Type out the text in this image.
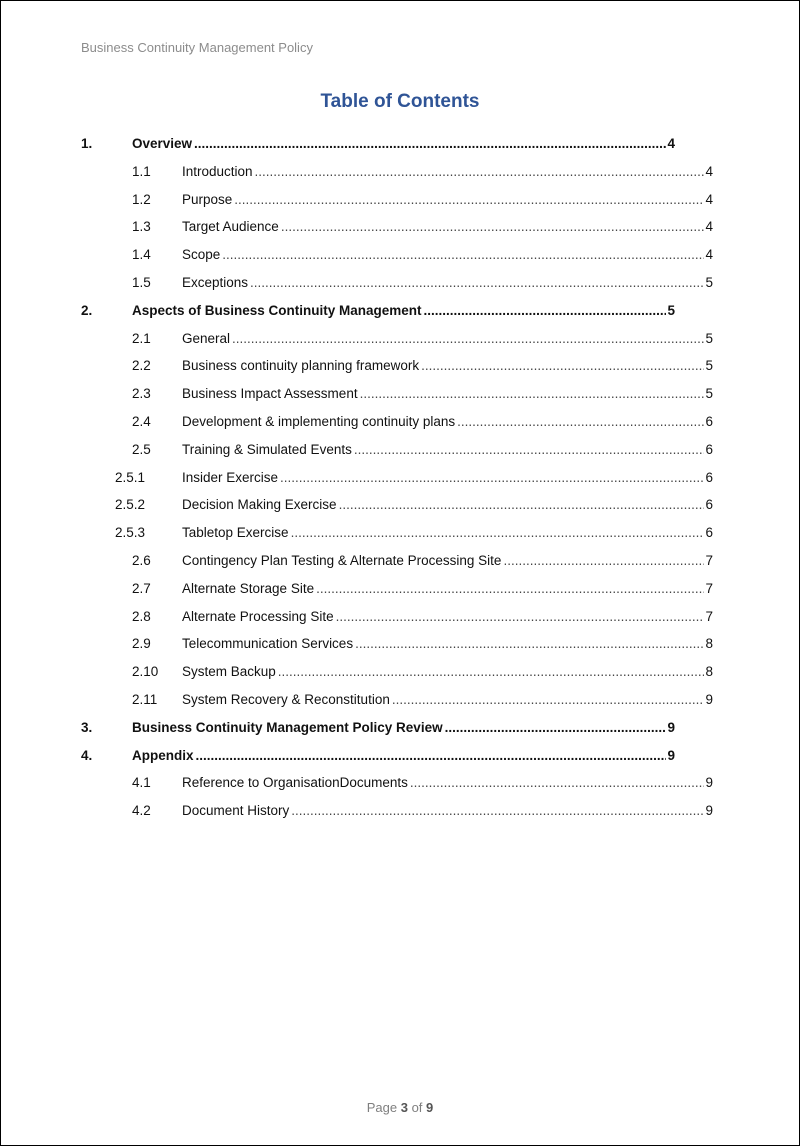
Business Continuity Management Policy
Table of Contents
1.	Overview .....	4
1.1 Introduction .....	4
1.2 Purpose .....	4
1.3 Target Audience .....	4
1.4 Scope .....	4
1.5 Exceptions .....	5
2.	Aspects of Business Continuity Management .....	5
2.1 General .....	5
2.2 Business continuity planning framework .....	5
2.3 Business Impact Assessment .....	5
2.4 Development & implementing continuity plans .....	6
2.5 Training & Simulated Events .....	6
2.5.1	Insider Exercise .....	6
2.5.2	Decision Making Exercise .....	6
2.5.3	Tabletop Exercise .....	6
2.6 Contingency Plan Testing & Alternate Processing Site .....	7
2.7 Alternate Storage Site .....	7
2.8 Alternate Processing Site .....	7
2.9 Telecommunication Services .....	8
2.10 System Backup .....	8
2.11 System Recovery & Reconstitution .....	9
3.	Business Continuity Management Policy Review .....	9
4.	Appendix .....	9
4.1 Reference to OrganisationDocuments .....	9
4.2 Document History .....	9
Page 3 of 9
